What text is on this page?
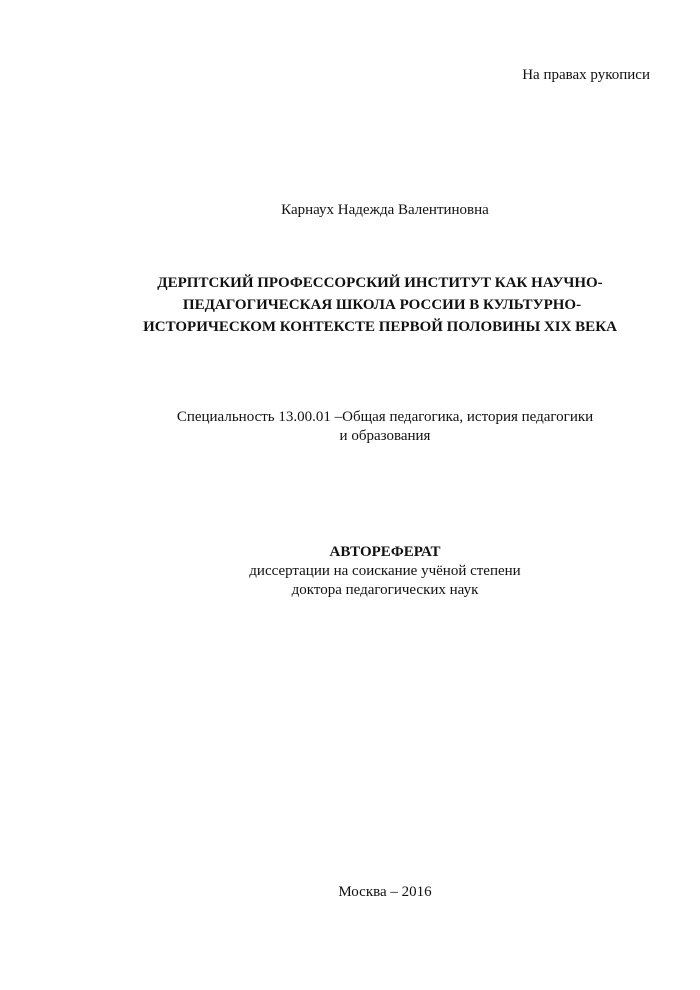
На правах рукописи
Карнаух Надежда Валентиновна
ДЕРПТСКИЙ ПРОФЕССОРСКИЙ ИНСТИТУТ КАК НАУЧНО-
ПЕДАГОГИЧЕСКАЯ ШКОЛА РОССИИ В КУЛЬТУРНО-
ИСТОРИЧЕСКОМ КОНТЕКСТЕ ПЕРВОЙ ПОЛОВИНЫ XIX ВЕКА
Специальность 13.00.01 –Общая педагогика, история педагогики
и образования
АВТОРЕФЕРАТ
диссертации на соискание учёной степени
доктора педагогических наук
Москва – 2016
